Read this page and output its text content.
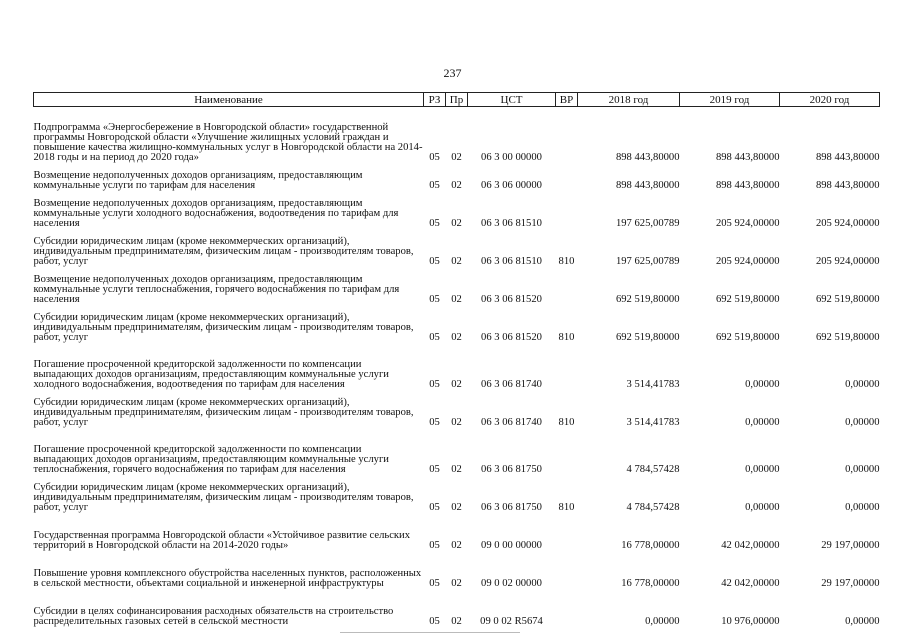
237
Наименование	РЗ	Пр	ЦСТ	ВР	2018 год	2019 год	2020 год
Подпрограмма «Энергосбережение в Новгородской области» государственной программы Новгородской области «Улучшение жилищных условий граждан и повышение качества жилищно-коммунальных услуг в Новгородской области на 2014-2018 годы и на период до 2020 года»	05	02	06 3 00 00000		898 443,80000	898 443,80000	898 443,80000
Возмещение недополученных доходов организациям, предоставляющим коммунальные услуги по тарифам для населения	05	02	06 3 06 00000		898 443,80000	898 443,80000	898 443,80000
Возмещение недополученных доходов организациям, предоставляющим коммунальные услуги холодного водоснабжения, водоотведения по тарифам для населения	05	02	06 3 06 81510		197 625,00789	205 924,00000	205 924,00000
Субсидии юридическим лицам (кроме некоммерческих организаций), индивидуальным предпринимателям, физическим лицам - производителям товаров, работ, услуг	05	02	06 3 06 81510	810	197 625,00789	205 924,00000	205 924,00000
Возмещение недополученных доходов организациям, предоставляющим коммунальные услуги теплоснабжения, горячего водоснабжения по тарифам для населения	05	02	06 3 06 81520		692 519,80000	692 519,80000	692 519,80000
Субсидии юридическим лицам (кроме некоммерческих организаций), индивидуальным предпринимателям, физическим лицам - производителям товаров, работ, услуг	05	02	06 3 06 81520	810	692 519,80000	692 519,80000	692 519,80000
Погашение просроченной кредиторской задолженности по компенсации выпадающих доходов организациям, предоставляющим коммунальные услуги холодного водоснабжения, водоотведения по тарифам для населения	05	02	06 3 06 81740		3 514,41783	0,00000	0,00000
Субсидии юридическим лицам (кроме некоммерческих организаций), индивидуальным предпринимателям, физическим лицам - производителям товаров, работ, услуг	05	02	06 3 06 81740	810	3 514,41783	0,00000	0,00000
Погашение просроченной кредиторской задолженности по компенсации выпадающих доходов организациям, предоставляющим коммунальные услуги теплоснабжения, горячего водоснабжения по тарифам для населения	05	02	06 3 06 81750		4 784,57428	0,00000	0,00000
Субсидии юридическим лицам (кроме некоммерческих организаций), индивидуальным предпринимателям, физическим лицам - производителям товаров, работ, услуг	05	02	06 3 06 81750	810	4 784,57428	0,00000	0,00000
Государственная программа Новгородской области «Устойчивое развитие сельских территорий в Новгородской области на 2014-2020 годы»	05	02	09 0 00 00000		16 778,00000	42 042,00000	29 197,00000
Повышение уровня комплексного обустройства населенных пунктов, расположенных в сельской местности, объектами социальной и инженерной инфраструктуры	05	02	09 0 02 00000		16 778,00000	42 042,00000	29 197,00000
Субсидии в целях софинансирования расходных обязательств на строительство распределительных газовых сетей в сельской местности	05	02	09 0 02 R5674		0,00000	10 976,00000	0,00000
